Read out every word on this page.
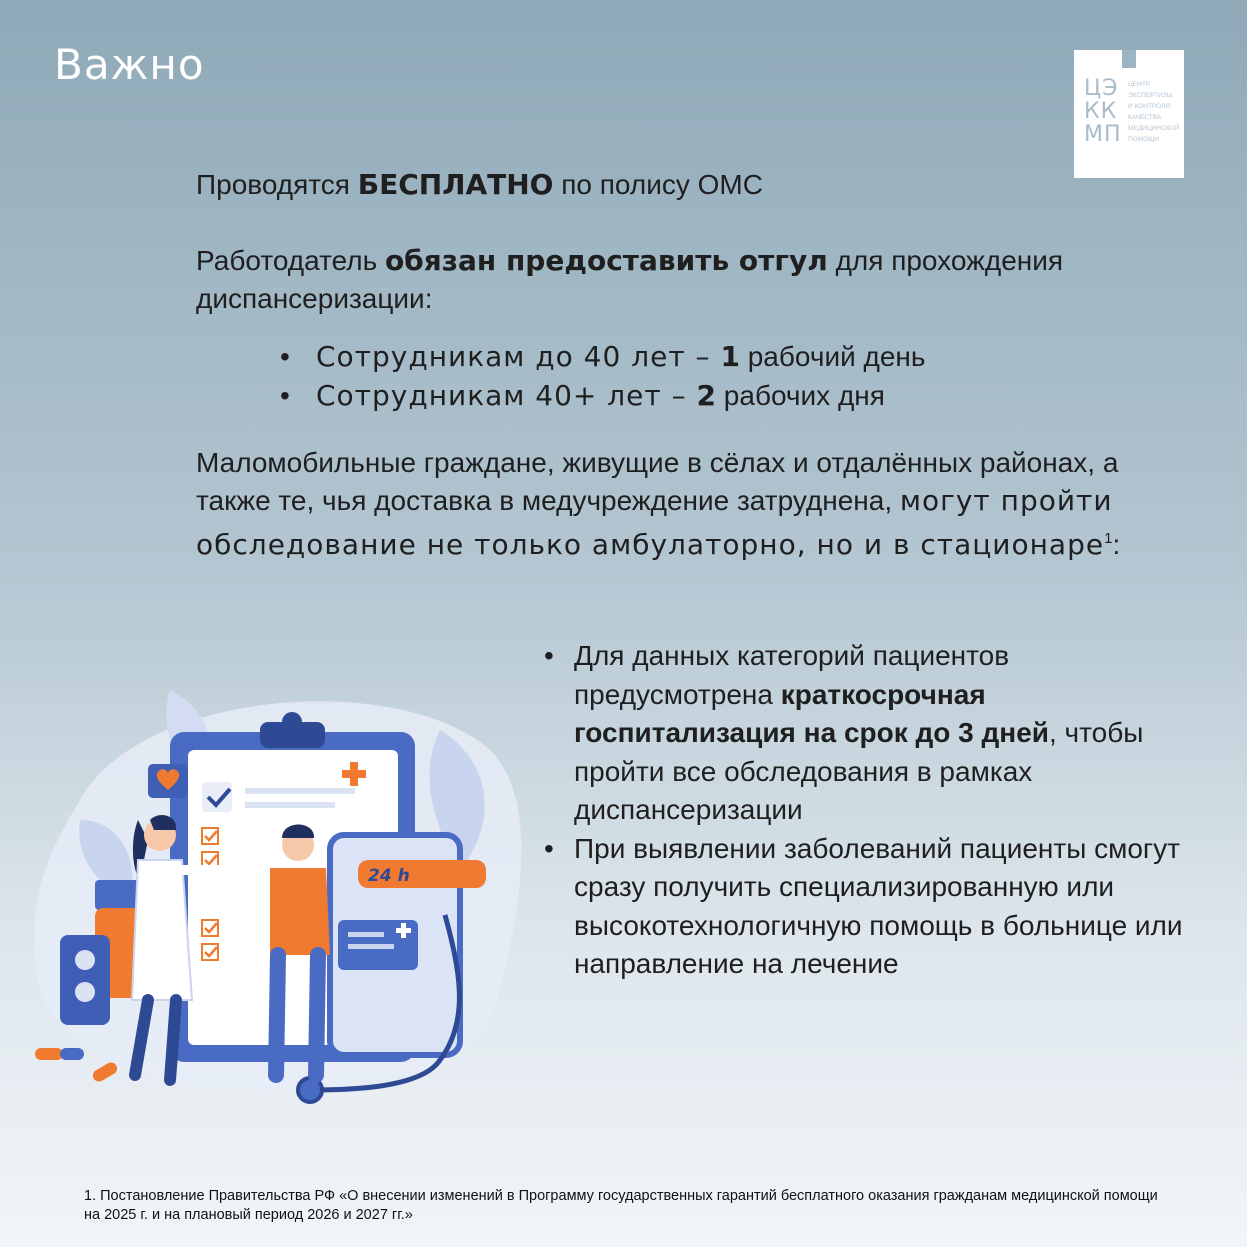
Важно	ЦЭ
КК
МП
ЦЕНТР
ЭКСПЕРТИЗЫ
И КОНТРОЛЯ
КАЧЕСТВА
МЕДИЦИНСКОЙ
ПОМОЩИ
Проводятся БЕСПЛАТНО по полису ОМС
Работодатель обязан предоставить отгул для прохождения диспансеризации:
• Сотрудникам до 40 лет – 1 рабочий день
• Сотрудникам 40+ лет – 2 рабочих дня
Маломобильные граждане, живущие в сёлах и отдалённых районах, а также те, чья доставка в медучреждение затруднена, могут пройти обследование не только амбулаторно, но и в стационаре$^1$:
24 h
• Для данных категорий пациентов предусмотрена краткосрочная госпитализация на срок до 3 дней, чтобы пройти все обследования в рамках диспансеризации
• При выявлении заболеваний пациенты смогут сразу получить специализированную или высокотехнологичную помощь в больнице или направление на лечение
1. Постановление Правительства РФ «О внесении изменений в Программу государственных гарантий бесплатного оказания гражданам медицинской помощи на 2025 г. и на плановый период 2026 и 2027 гг.»
